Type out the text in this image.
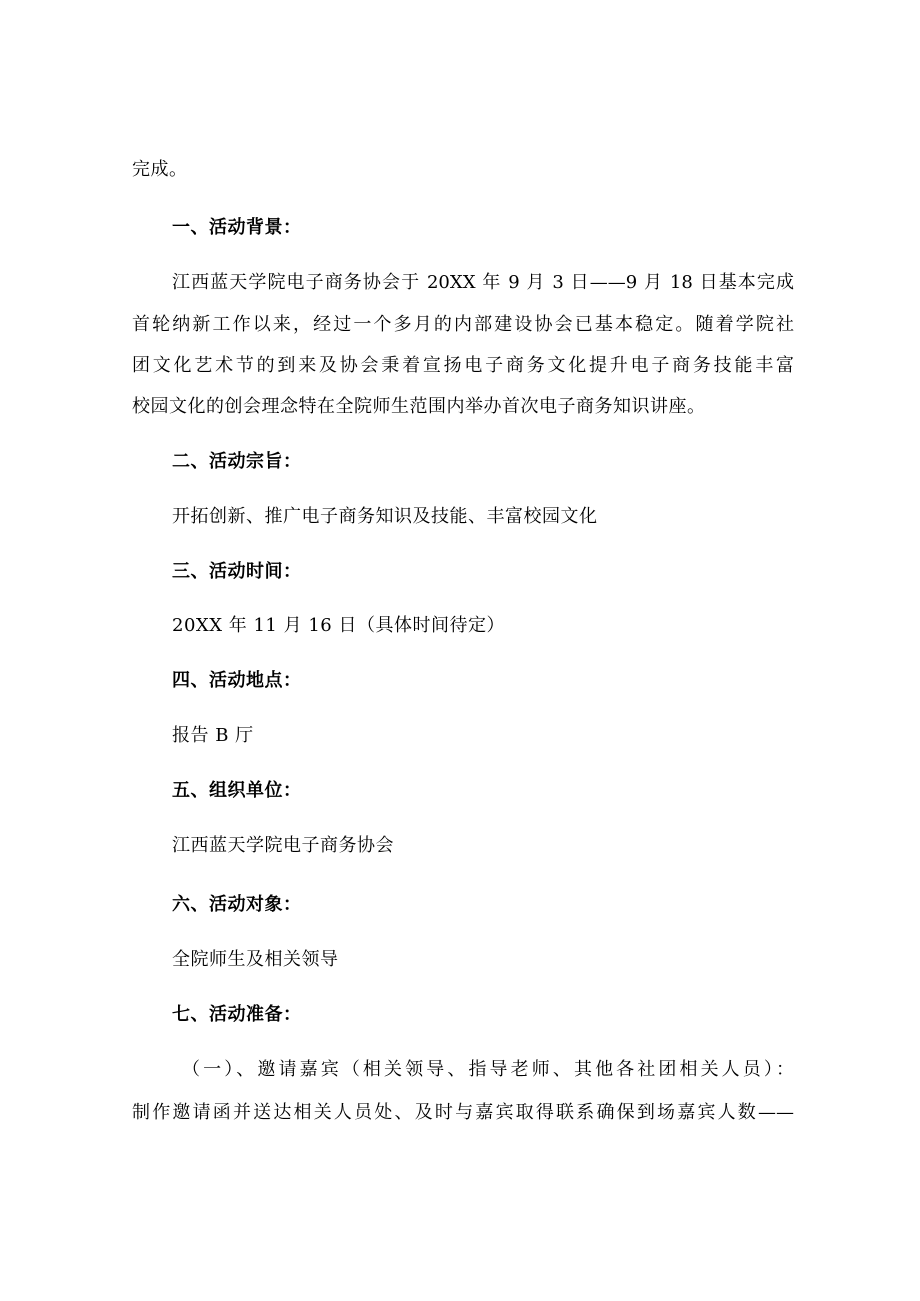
完成。
一、活动背景：
江西蓝天学院电子商务协会于 20XX 年 9 月 3 日——9 月 18 日基本完成
首轮纳新工作以来，经过一个多月的内部建设协会已基本稳定。随着学院社
团文化艺术节的到来及协会秉着宣扬电子商务文化提升电子商务技能丰富
校园文化的创会理念特在全院师生范围内举办首次电子商务知识讲座。
二、活动宗旨：
开拓创新、推广电子商务知识及技能、丰富校园文化
三、活动时间：
20XX 年 11 月 16 日（具体时间待定）
四、活动地点：
报告 B 厅
五、组织单位：
江西蓝天学院电子商务协会
六、活动对象：
全院师生及相关领导
七、活动准备：
（一）、邀请嘉宾（相关领导、指导老师、其他各社团相关人员）：
制作邀请函并送达相关人员处、及时与嘉宾取得联系确保到场嘉宾人数——
